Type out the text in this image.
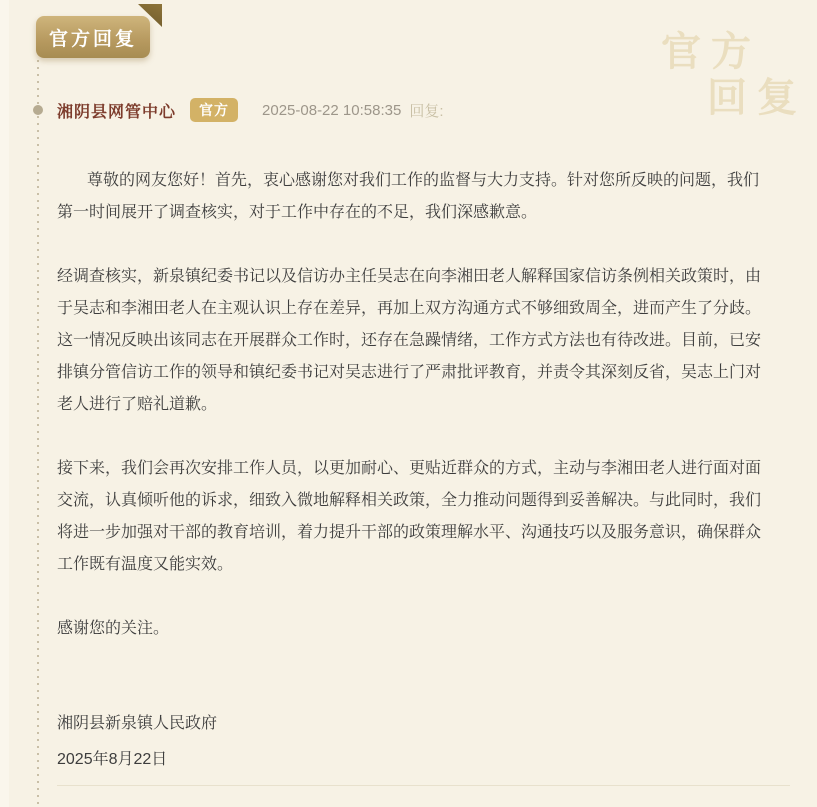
官方
回复
官方回复
湘阴县网管中心	官方	2025-08-22 10:58:35 回复:

尊敬的网友您好！首先，衷心感谢您对我们工作的监督与大力支持。针对您所反映的问题，我们第一时间展开了调查核实，对于工作中存在的不足，我们深感歉意。

经调查核实，新泉镇纪委书记以及信访办主任吴志在向李湘田老人解释国家信访条例相关政策时，由于吴志和李湘田老人在主观认识上存在差异，再加上双方沟通方式不够细致周全，进而产生了分歧。这一情况反映出该同志在开展群众工作时，还存在急躁情绪，工作方式方法也有待改进。目前，已安排镇分管信访工作的领导和镇纪委书记对吴志进行了严肃批评教育，并责令其深刻反省，吴志上门对老人进行了赔礼道歉。

接下来，我们会再次安排工作人员，以更加耐心、更贴近群众的方式，主动与李湘田老人进行面对面交流，认真倾听他的诉求，细致入微地解释相关政策，全力推动问题得到妥善解决。与此同时，我们将进一步加强对干部的教育培训，着力提升干部的政策理解水平、沟通技巧以及服务意识，确保群众工作既有温度又能实效。

感谢您的关注。

湘阴县新泉镇人民政府
2025年8月22日
